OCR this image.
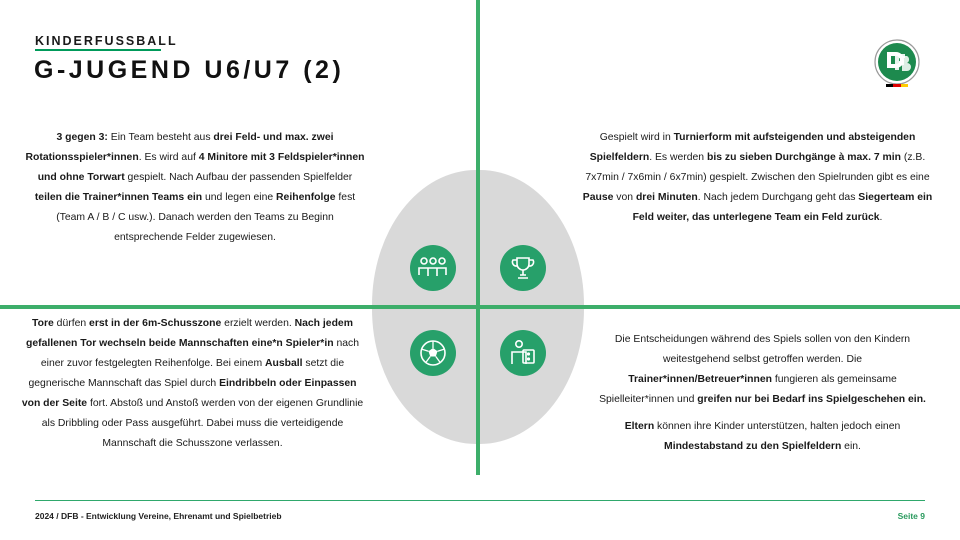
KINDERFUSSBALL
G-JUGEND U6/U7 (2)
3 gegen 3: Ein Team besteht aus drei Feld- und max. zwei Rotationsspieler*innen. Es wird auf 4 Minitore mit 3 Feldspieler*innen und ohne Torwart gespielt. Nach Aufbau der passenden Spielfelder teilen die Trainer*innen Teams ein und legen eine Reihenfolge fest (Team A / B / C usw.). Danach werden den Teams zu Beginn entsprechende Felder zugewiesen.
Gespielt wird in Turnierform mit aufsteigenden und absteigenden Spielfeldern. Es werden bis zu sieben Durchgänge à max. 7 min (z.B. 7x7min / 7x6min / 6x7min) gespielt. Zwischen den Spielrunden gibt es eine Pause von drei Minuten. Nach jedem Durchgang geht das Siegerteam ein Feld weiter, das unterlegene Team ein Feld zurück.
Tore dürfen erst in der 6m-Schusszone erzielt werden. Nach jedem gefallenen Tor wechseln beide Mannschaften eine*n Spieler*in nach einer zuvor festgelegten Reihenfolge. Bei einem Ausball setzt die gegnerische Mannschaft das Spiel durch Eindribbeln oder Einpassen von der Seite fort. Abstoß und Anstoß werden von der eigenen Grundlinie als Dribbling oder Pass ausgeführt. Dabei muss die verteidigende Mannschaft die Schusszone verlassen.
Die Entscheidungen während des Spiels sollen von den Kindern weitestgehend selbst getroffen werden. Die Trainer*innen/Betreuer*innen fungieren als gemeinsame Spielleiter*innen und greifen nur bei Bedarf ins Spielgeschehen ein.
Eltern können ihre Kinder unterstützen, halten jedoch einen Mindestabstand zu den Spielfeldern ein.
2024 / DFB - Entwicklung Vereine, Ehrenamt und Spielbetrieb	Seite 9
